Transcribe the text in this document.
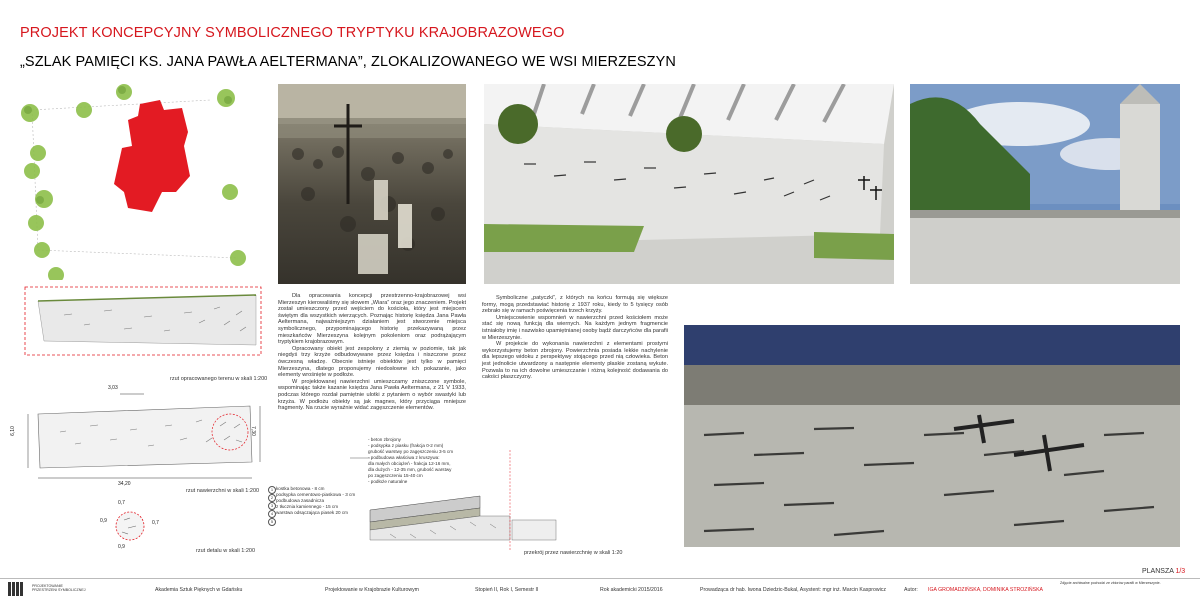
PROJEKT KONCEPCYJNY SYMBOLICZNEGO TRYPTYKU KRAJOBRAZOWEGO
„SZLAK PAMIĘCI KS. JANA PAWŁA AELTERMANA”, ZLOKALIZOWANEGO WE WSI MIERZESZYN
rzut opracowanego terenu w skali 1:200
3,03
34,20
7,30
6,10
rzut nawierzchni w skali 1:200
0,7
0,9	0,7
0,9
rzut detalu w skali 1:200

Dla opracowania koncepcji przestrzenno-krajobrazowej wsi Mierzeszyn kierowaliśmy się słowem „Wiara” oraz jego znaczeniem. Projekt został umieszczony przed wejściem do kościoła, który jest miejscem świętym dla wszystkich wierzących. Poznając historię księdza Jana Pawła Aeltermana, najważniejszym działaniem jest stworzenie miejsca symbolicznego, przypominającego historię przekazywaną przez mieszkańców Mierzeszyna kolejnym pokoleniom oraz podrążającym tryptykiem krajobrazowym.

Opracowany obiekt jest zespolony z ziemią w poziomie, tak jak niegdyś trzy krzyże odbudowywane przez księdza i niszczone przez ówczesną władzę. Obecnie istnieje obiektów jest tylko w pamięci Mierzeszyna, dlatego proponujemy niedosłowne ich pokazanie, jako elementy wrośnięte w podłoże.

W projektowanej nawierzchni umieszczamy zniszczone symbole, wspominając także kazanie księdza Jana Pawła Aeltermana, z 21 V 1933, podczas którego rozdał pamiętnie ulotki z pytaniem o wybór swastyki lub krzyża. W podłożu obiekty są jak magnes, który przyciąga mniejsze fragmenty. Na rzucie wyraźnie widać zagęszczenie elementów.

Symboliczne „patyczki”, z których na końcu formują się większe formy, mogą przedstawiać historię z 1937 roku, kiedy to 5 tysięcy osób zebrało się w ramach poświęcenia trzech krzyży.

Umiejscowienie wspomnień w nawierzchni przed kościołem może stać się nową funkcją dla wiernych. Na każdym jednym fragmencie istniałoby imię i nazwisko upamiętnianej osoby bądź darczyńców dla parafii w Mierzeszynie.

W projekcie do wykonania nawierzchni z elementami prostymi wykorzystujemy beton zbrojony. Powierzchnia posiada lekkie nachylenie dla lepszego widoku z perspektywy stojącego przed nią człowieka. Beton jest jednolicie utwardzony a następnie elementy płaskie zostaną wykute. Pozwala to na ich dowolne umieszczanie i różną kolejność dodawania do całości płaszczyzny.

- beton zbrojony
- podsypka z piasku (frakcja 0-2 mm)
grubość warstwy po zagęszczeniu 3-5 cm
- podbudowa właściwa z kruszywa:
dla małych obciążeń - frakcja 12-16 mm,
dla dużych - 12-35 mm, grubość warstwy
po zagęszczeniu 15-40 cm
- podłoże naturalne
kostka betonowa - 8 cm
podsypka cementowo-piaskowa - 3 cm
podbudowa zasadnicza
z tłucznia kamiennego - 15 cm
warstwa odsączająca piasek 20 cm
przekrój przez nawierzchnię w skali 1:20
PLANSZA 1/3
PROJEKTOWANIE PRZESTRZENI SYMBOLICZNEJ	Akademia Sztuk Pięknych w Gdańsku	Projektowanie w Krajobrazie Kulturowym	Stopień II, Rok I, Semestr II	Rok akademicki 2015/2016	Prowadząca dr hab. Iwona Dziedzic-Bukal, Asystent: mgr inż. Marcin Kasprowicz	Autor: IGA GROMADZIŃSKA, DOMINIKA STROZIŃSKA
Zdjęcie archiwalne pochodzi ze zbiorów parafii w Mierzeszynie.
1
2
3
4
5
